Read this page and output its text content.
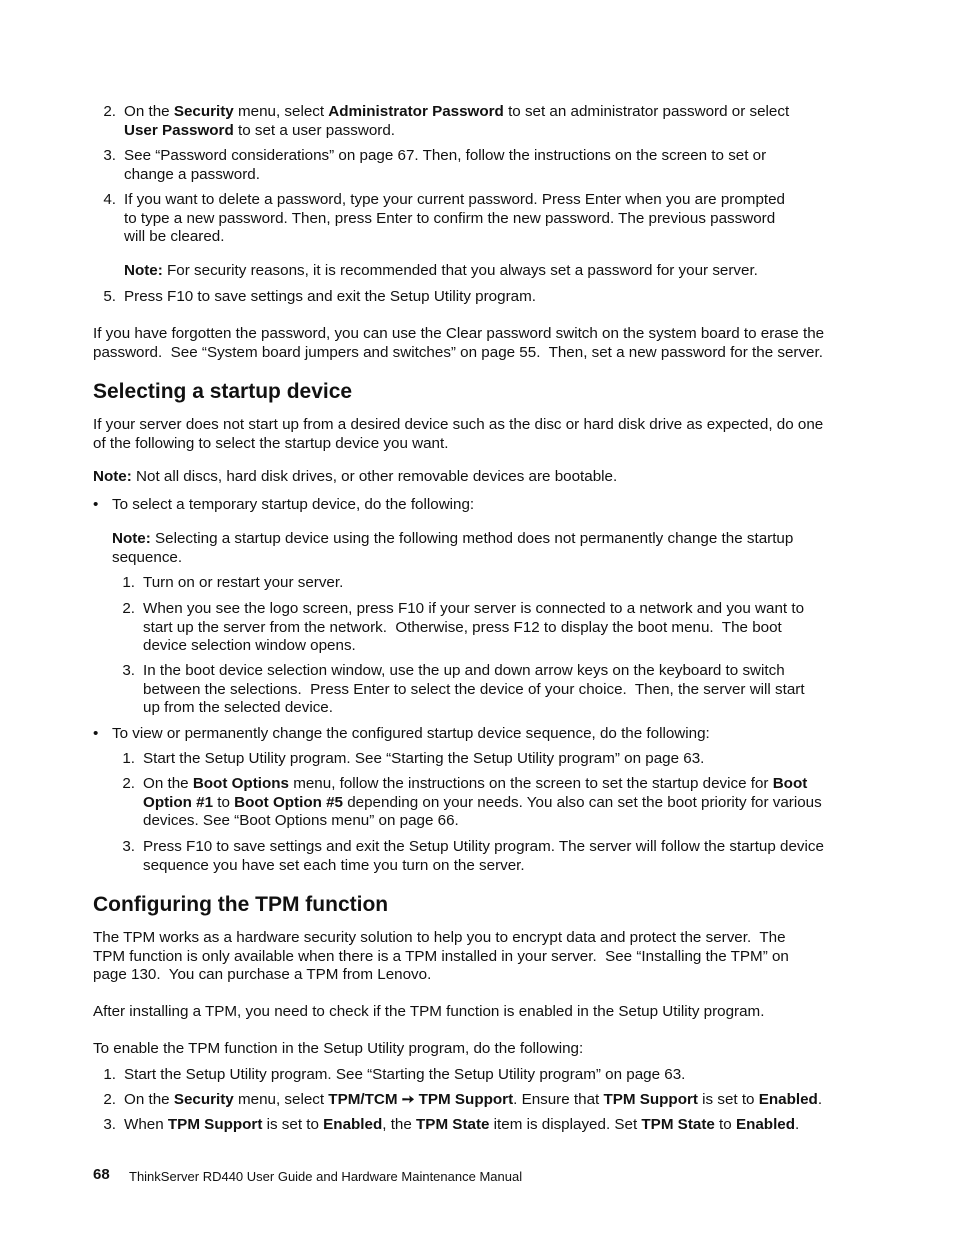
2. On the Security menu, select Administrator Password to set an administrator password or select
User Password to set a user password.
3. See “Password considerations” on page 67. Then, follow the instructions on the screen to set or
change a password.
4. If you want to delete a password, type your current password. Press Enter when you are prompted
to type a new password. Then, press Enter to confirm the new password. The previous password
will be cleared.
Note: For security reasons, it is recommended that you always set a password for your server.
5. Press F10 to save settings and exit the Setup Utility program.
If you have forgotten the password, you can use the Clear password switch on the system board to erase the
password.  See “System board jumpers and switches” on page 55.  Then, set a new password for the server.
Selecting a startup device
If your server does not start up from a desired device such as the disc or hard disk drive as expected, do one
of the following to select the startup device you want.
Note: Not all discs, hard disk drives, or other removable devices are bootable.
• To select a temporary startup device, do the following:
Note: Selecting a startup device using the following method does not permanently change the startup
sequence.
1. Turn on or restart your server.
2. When you see the logo screen, press F10 if your server is connected to a network and you want to
start up the server from the network.  Otherwise, press F12 to display the boot menu.  The boot
device selection window opens.
3. In the boot device selection window, use the up and down arrow keys on the keyboard to switch
between the selections.  Press Enter to select the device of your choice.  Then, the server will start
up from the selected device.
• To view or permanently change the configured startup device sequence, do the following:
1. Start the Setup Utility program. See “Starting the Setup Utility program” on page 63.
2. On the Boot Options menu, follow the instructions on the screen to set the startup device for Boot
Option #1 to Boot Option #5 depending on your needs. You also can set the boot priority for various
devices. See “Boot Options menu” on page 66.
3. Press F10 to save settings and exit the Setup Utility program. The server will follow the startup device
sequence you have set each time you turn on the server.
Configuring the TPM function
The TPM works as a hardware security solution to help you to encrypt data and protect the server.  The
TPM function is only available when there is a TPM installed in your server.  See “Installing the TPM” on
page 130.  You can purchase a TPM from Lenovo.
After installing a TPM, you need to check if the TPM function is enabled in the Setup Utility program.
To enable the TPM function in the Setup Utility program, do the following:
1. Start the Setup Utility program. See “Starting the Setup Utility program” on page 63.
2. On the Security menu, select TPM/TCM ➙ TPM Support. Ensure that TPM Support is set to Enabled.
3. When TPM Support is set to Enabled, the TPM State item is displayed. Set TPM State to Enabled.
68 ThinkServer RD440 User Guide and Hardware Maintenance Manual
